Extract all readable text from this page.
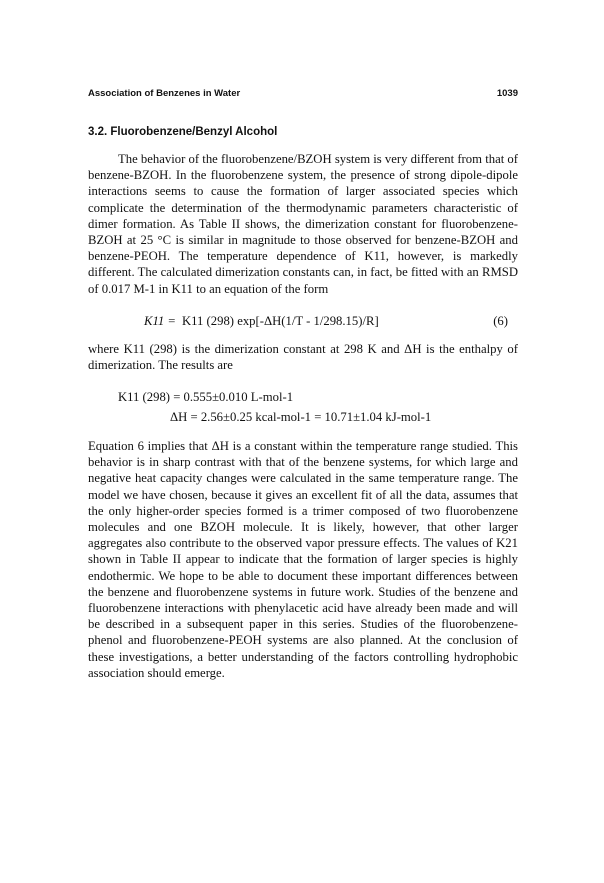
Association of Benzenes in Water	1039
3.2. Fluorobenzene/Benzyl Alcohol
The behavior of the fluorobenzene/BZOH system is very different from that of benzene-BZOH. In the fluorobenzene system, the presence of strong dipole-dipole interactions seems to cause the formation of larger associated species which complicate the determination of the thermodynamic parameters characteristic of dimer formation. As Table II shows, the dimerization constant for fluorobenzene-BZOH at 25 °C is similar in magnitude to those observed for benzene-BZOH and benzene-PEOH. The temperature dependence of K11, however, is markedly different. The calculated dimerization constants can, in fact, be fitted with an RMSD of 0.017 M-1 in K11 to an equation of the form
K11 = K11 (298) exp[-ΔH(1/T - 1/298.15)/R]	(6)
where K11 (298) is the dimerization constant at 298 K and ΔH is the enthalpy of dimerization. The results are
K11 (298) = 0.555±0.010 L-mol-1
ΔH = 2.56±0.25 kcal-mol-1 = 10.71±1.04 kJ-mol-1
Equation 6 implies that ΔH is a constant within the temperature range studied. This behavior is in sharp contrast with that of the benzene systems, for which large and negative heat capacity changes were calculated in the same temperature range. The model we have chosen, because it gives an excellent fit of all the data, assumes that the only higher-order species formed is a trimer composed of two fluorobenzene molecules and one BZOH molecule. It is likely, however, that other larger aggregates also contribute to the observed vapor pressure effects. The values of K21 shown in Table II appear to indicate that the formation of larger species is highly endothermic. We hope to be able to document these important differences between the benzene and fluorobenzene systems in future work. Studies of the benzene and fluorobenzene interactions with phenylacetic acid have already been made and will be described in a subsequent paper in this series. Studies of the fluorobenzene-phenol and fluorobenzene-PEOH systems are also planned. At the conclusion of these investigations, a better understanding of the factors controlling hydrophobic association should emerge.
